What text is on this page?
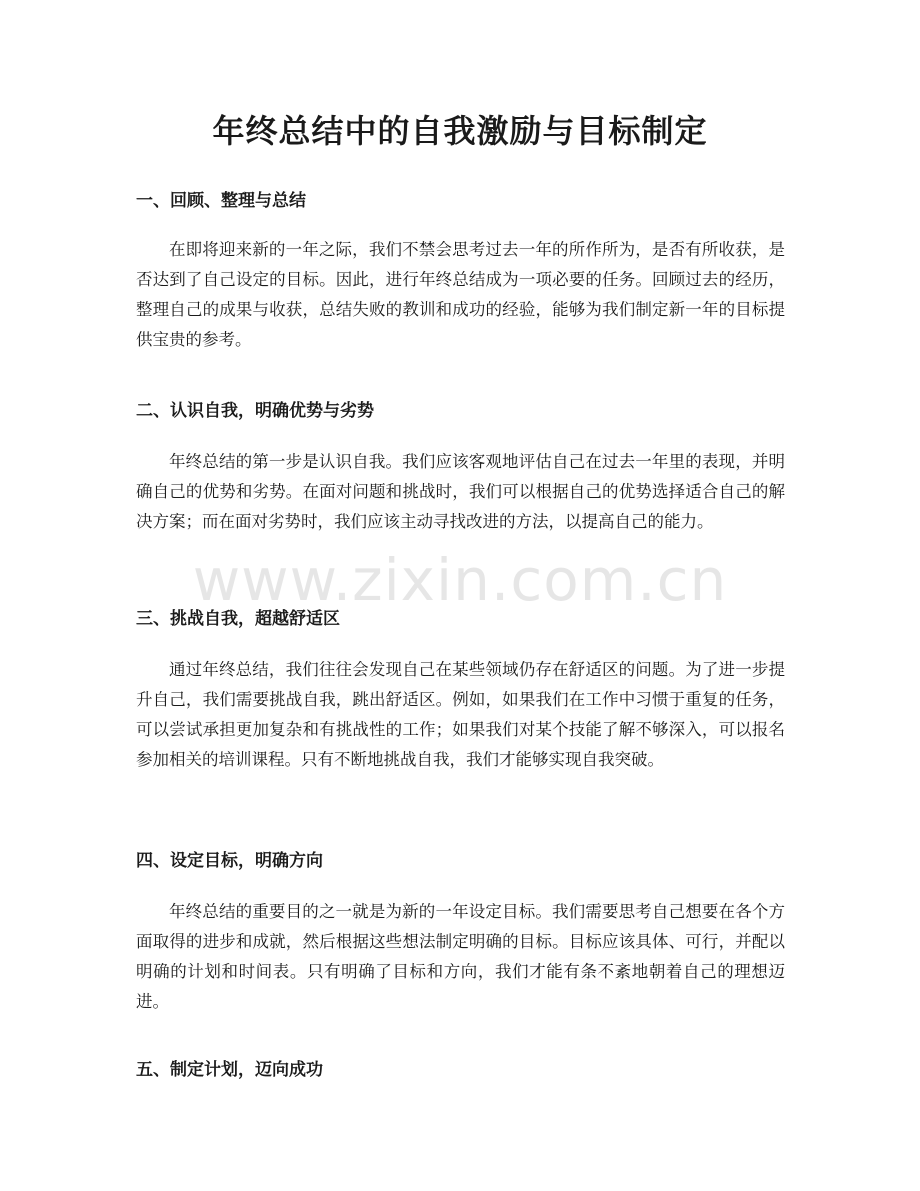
年终总结中的自我激励与目标制定
一、回顾、整理与总结

在即将迎来新的一年之际，我们不禁会思考过去一年的所作所为，是否有所收获，是否达到了自己设定的目标。因此，进行年终总结成为一项必要的任务。回顾过去的经历，整理自己的成果与收获，总结失败的教训和成功的经验，能够为我们制定新一年的目标提供宝贵的参考。

二、认识自我，明确优势与劣势

年终总结的第一步是认识自我。我们应该客观地评估自己在过去一年里的表现，并明确自己的优势和劣势。在面对问题和挑战时，我们可以根据自己的优势选择适合自己的解决方案；而在面对劣势时，我们应该主动寻找改进的方法，以提高自己的能力。

三、挑战自我，超越舒适区

通过年终总结，我们往往会发现自己在某些领域仍存在舒适区的问题。为了进一步提升自己，我们需要挑战自我，跳出舒适区。例如，如果我们在工作中习惯于重复的任务，可以尝试承担更加复杂和有挑战性的工作；如果我们对某个技能了解不够深入，可以报名参加相关的培训课程。只有不断地挑战自我，我们才能够实现自我突破。

四、设定目标，明确方向

年终总结的重要目的之一就是为新的一年设定目标。我们需要思考自己想要在各个方面取得的进步和成就，然后根据这些想法制定明确的目标。目标应该具体、可行，并配以明确的计划和时间表。只有明确了目标和方向，我们才能有条不紊地朝着自己的理想迈进。

五、制定计划，迈向成功
www.zixin.com.cn
